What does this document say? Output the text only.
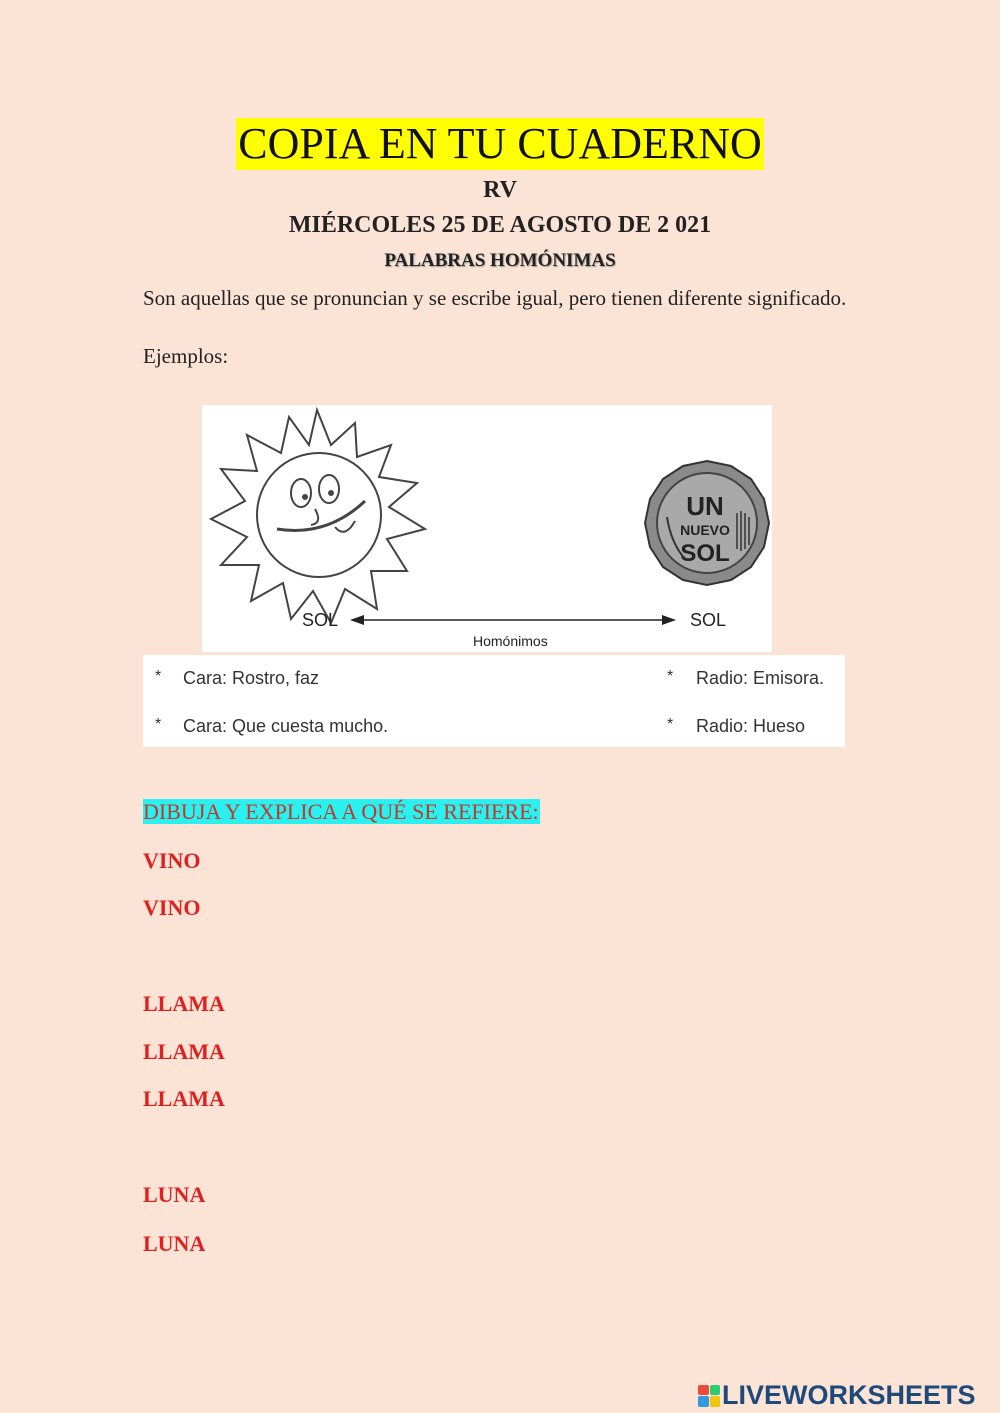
COPIA EN TU CUADERNO
RV
MIÉRCOLES 25 DE AGOSTO DE 2 021
PALABRAS HOMÓNIMAS
Son aquellas que se pronuncian y se escribe igual, pero tienen diferente significado.
Ejemplos:
UN
NUEVO
SOL
SOL	SOL
Homónimos
* Cara: Rostro, faz
* Cara: Que cuesta mucho.
* Radio: Emisora.
* Radio: Hueso
DIBUJA Y EXPLICA A QUÉ SE REFIERE:
VINO
VINO
LLAMA
LLAMA
LLAMA
LUNA
LUNA
LIVEWORKSHEETS
